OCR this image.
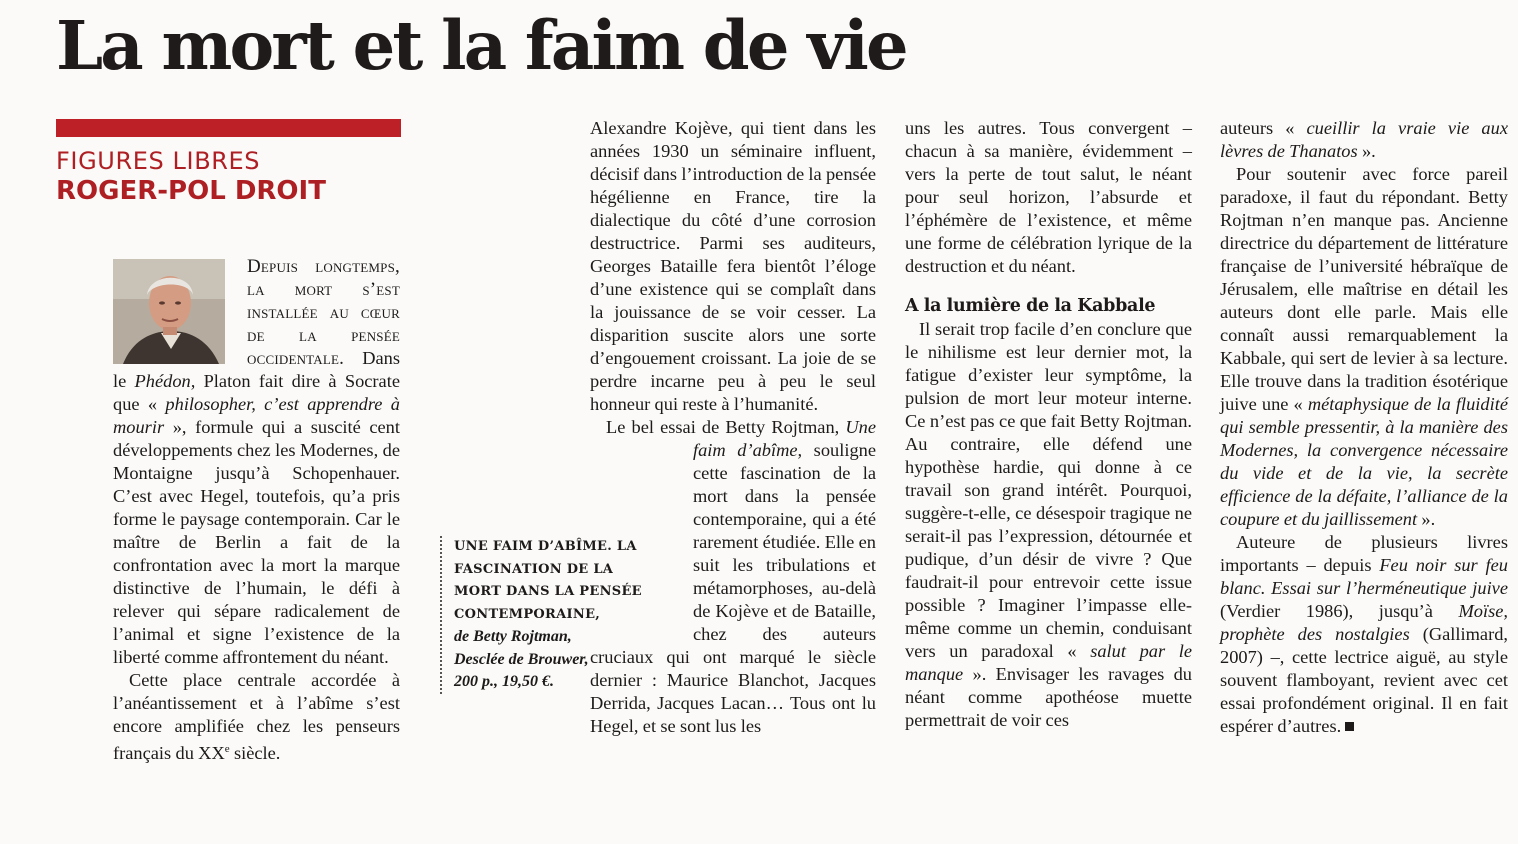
La mort et la faim de vie
FIGURES LIBRES
ROGER-POL DROIT

Depuis longtemps, la mort s’est installée au cœur de la pensée occidentale. Dans le Phédon, Platon fait dire à Socrate que « philosopher, c’est apprendre à mourir », formule qui a suscité cent développements chez les Modernes, de Montaigne jusqu’à Schopenhauer. C’est avec Hegel, toutefois, qu’a pris forme le paysage contemporain. Car le maître de Berlin a fait de la confrontation avec la mort la marque distinctive de l’humain, le défi à relever qui sépare radicalement de l’animal et signe l’existence de la liberté comme affrontement du néant.

Cette place centrale accordée à l’anéantissement et à l’abîme s’est encore amplifiée chez les penseurs français du XXe siècle.

Alexandre Kojève, qui tient dans les années 1930 un séminaire influent, décisif dans l’introduction de la pensée hégélienne en France, tire la dialectique du côté d’une corrosion destructrice. Parmi ses auditeurs, Georges Bataille fera bientôt l’éloge d’une existence qui se complaît dans la jouissance de se voir cesser. La disparition suscite alors une sorte d’engouement croissant. La joie de se perdre incarne peu à peu le seul honneur qui reste à l’humanité.

Le bel essai de Betty Rojtman, Une faim d’abîme,
souligne cette fascination de la mort dans la pensée contemporaine, qui a été rarement étudiée. Elle en suit les tribulations et métamorphoses, au-delà de Kojève et de Bataille, chez des auteurs cruciaux qui ont marqué le siècle dernier : Maurice Blanchot, Jacques Derrida, Jacques Lacan… Tous ont lu Hegel, et se sont lus les

UNE FAIM D’ABÎME. LA FASCINATION DE LA MORT DANS LA PENSÉE CONTEMPORAINE,
de Betty Rojtman,
Desclée de Brouwer,
200 p., 19,50 €.

uns les autres. Tous convergent – chacun à sa manière, évidemment – vers la perte de tout salut, le néant pour seul horizon, l’absurde et l’éphémère de l’existence, et même une forme de célébration lyrique de la destruction et du néant.

A la lumière de la Kabbale

Il serait trop facile d’en conclure que le nihilisme est leur dernier mot, la fatigue d’exister leur symptôme, la pulsion de mort leur moteur interne. Ce n’est pas ce que fait Betty Rojtman. Au contraire, elle défend une hypothèse hardie, qui donne à ce travail son grand intérêt. Pourquoi, suggère-t-elle, ce désespoir tragique ne serait-il pas l’expression, détournée et pudique, d’un désir de vivre ? Que faudrait-il pour entrevoir cette issue possible ? Imaginer l’impasse elle-même comme un chemin, conduisant vers un paradoxal « salut par le manque ». Envisager les ravages du néant comme apothéose muette permettrait de voir ces

auteurs « cueillir la vraie vie aux lèvres de Thanatos ».

Pour soutenir avec force pareil paradoxe, il faut du répondant. Betty Rojtman n’en manque pas. Ancienne directrice du département de littérature française de l’université hébraïque de Jérusalem, elle maîtrise en détail les auteurs dont elle parle. Mais elle connaît aussi remarquablement la Kabbale, qui sert de levier à sa lecture. Elle trouve dans la tradition ésotérique juive une « métaphysique de la fluidité qui semble pressentir, à la manière des Modernes, la convergence nécessaire du vide et de la vie, la secrète efficience de la défaite, l’alliance de la coupure et du jaillissement ».

Auteure de plusieurs livres importants – depuis Feu noir sur feu blanc. Essai sur l’herméneutique juive (Verdier 1986), jusqu’à Moïse, prophète des nostalgies (Gallimard, 2007) –, cette lectrice aiguë, au style souvent flamboyant, revient avec cet essai profondément original. Il en fait espérer d’autres.
